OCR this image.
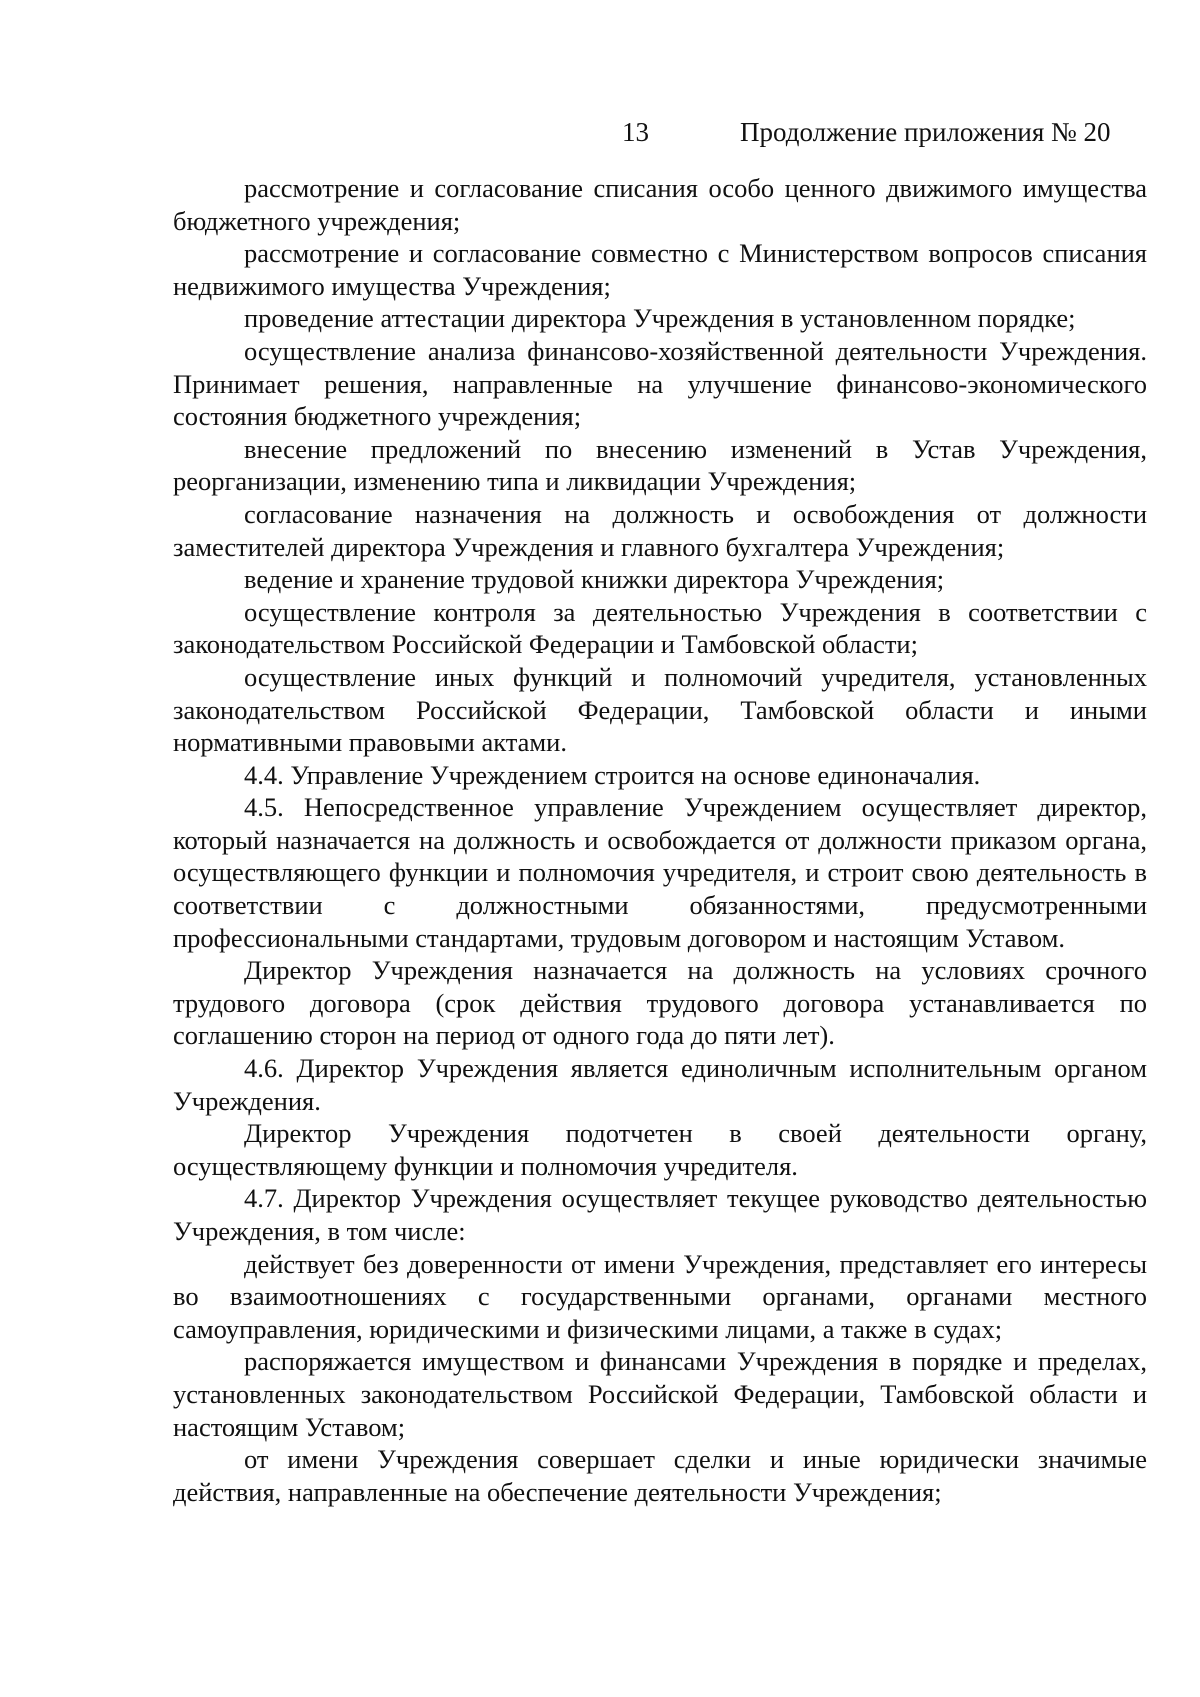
13	Продолжение приложения № 20

рассмотрение и согласование списания особо ценного движимого имущества бюджетного учреждения;

рассмотрение и согласование совместно с Министерством вопросов списания недвижимого имущества Учреждения;

проведение аттестации директора Учреждения в установленном порядке;

осуществление анализа финансово-хозяйственной деятельности Учреждения. Принимает решения, направленные на улучшение финансово-экономического состояния бюджетного учреждения;

внесение предложений по внесению изменений в Устав Учреждения, реорганизации, изменению типа и ликвидации Учреждения;

согласование назначения на должность и освобождения от должности заместителей директора Учреждения и главного бухгалтера Учреждения;

ведение и хранение трудовой книжки директора Учреждения;

осуществление контроля за деятельностью Учреждения в соответствии с законодательством Российской Федерации и Тамбовской области;

осуществление иных функций и полномочий учредителя, установленных законодательством Российской Федерации, Тамбовской области и иными нормативными правовыми актами.

4.4. Управление Учреждением строится на основе единоначалия.

4.5. Непосредственное управление Учреждением осуществляет директор, который назначается на должность и освобождается от должности приказом органа, осуществляющего функции и полномочия учредителя, и строит свою деятельность в соответствии с должностными обязанностями, предусмотренными профессиональными стандартами, трудовым договором и настоящим Уставом.

Директор Учреждения назначается на должность на условиях срочного трудового договора (срок действия трудового договора устанавливается по соглашению сторон на период от одного года до пяти лет).

4.6. Директор Учреждения является единоличным исполнительным органом Учреждения.

Директор Учреждения подотчетен в своей деятельности органу, осуществляющему функции и полномочия учредителя.

4.7. Директор Учреждения осуществляет текущее руководство деятельностью Учреждения, в том числе:

действует без доверенности от имени Учреждения, представляет его интересы во взаимоотношениях с государственными органами, органами местного самоуправления, юридическими и физическими лицами, а также в судах;

распоряжается имуществом и финансами Учреждения в порядке и пределах, установленных законодательством Российской Федерации, Тамбовской области и настоящим Уставом;

от имени Учреждения совершает сделки и иные юридически значимые действия, направленные на обеспечение деятельности Учреждения;
